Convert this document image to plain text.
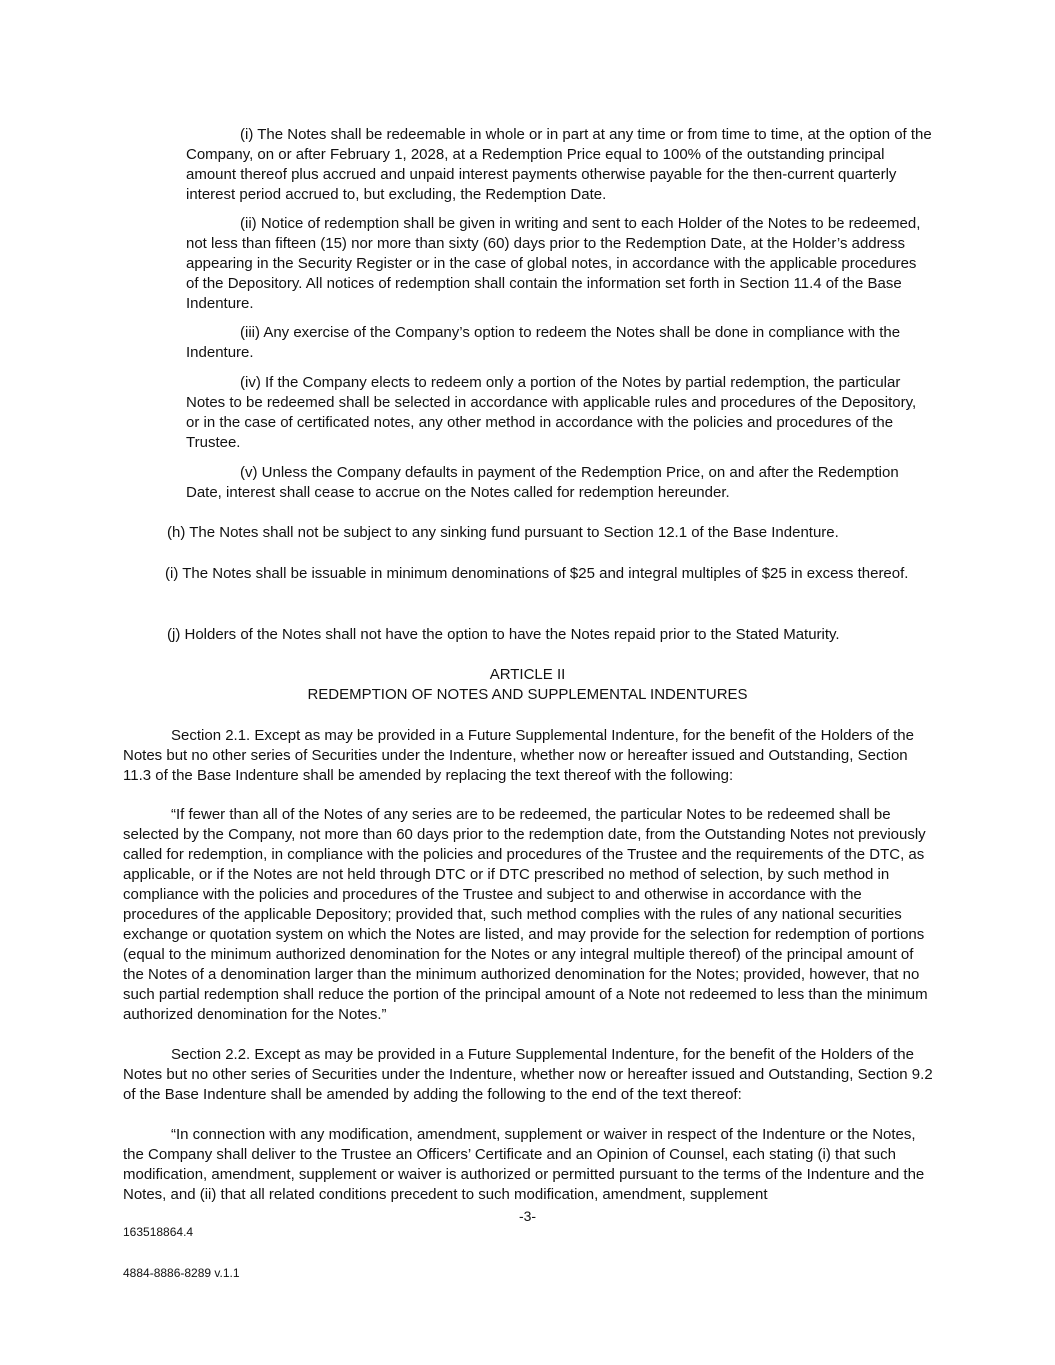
(i) The Notes shall be redeemable in whole or in part at any time or from time to time, at the option of the Company, on or after February 1, 2028, at a Redemption Price equal to 100% of the outstanding principal amount thereof plus accrued and unpaid interest payments otherwise payable for the then-current quarterly interest period accrued to, but excluding, the Redemption Date.

(ii) Notice of redemption shall be given in writing and sent to each Holder of the Notes to be redeemed, not less than fifteen (15) nor more than sixty (60) days prior to the Redemption Date, at the Holder’s address appearing in the Security Register or in the case of global notes, in accordance with the applicable procedures of the Depository. All notices of redemption shall contain the information set forth in Section 11.4 of the Base Indenture.

(iii) Any exercise of the Company’s option to redeem the Notes shall be done in compliance with the Indenture.

(iv) If the Company elects to redeem only a portion of the Notes by partial redemption, the particular Notes to be redeemed shall be selected in accordance with applicable rules and procedures of the Depository, or in the case of certificated notes, any other method in accordance with the policies and procedures of the Trustee.

(v) Unless the Company defaults in payment of the Redemption Price, on and after the Redemption Date, interest shall cease to accrue on the Notes called for redemption hereunder.

(h) The Notes shall not be subject to any sinking fund pursuant to Section 12.1 of the Base Indenture.

(i) The Notes shall be issuable in minimum denominations of $25 and integral multiples of $25 in excess thereof.

(j) Holders of the Notes shall not have the option to have the Notes repaid prior to the Stated Maturity.

ARTICLE II

REDEMPTION OF NOTES AND SUPPLEMENTAL INDENTURES

Section 2.1. Except as may be provided in a Future Supplemental Indenture, for the benefit of the Holders of the Notes but no other series of Securities under the Indenture, whether now or hereafter issued and Outstanding, Section 11.3 of the Base Indenture shall be amended by replacing the text thereof with the following:

“If fewer than all of the Notes of any series are to be redeemed, the particular Notes to be redeemed shall be selected by the Company, not more than 60 days prior to the redemption date, from the Outstanding Notes not previously called for redemption, in compliance with the policies and procedures of the Trustee and the requirements of the DTC, as applicable, or if the Notes are not held through DTC or if DTC prescribed no method of selection, by such method in compliance with the policies and procedures of the Trustee and subject to and otherwise in accordance with the procedures of the applicable Depository; provided that, such method complies with the rules of any national securities exchange or quotation system on which the Notes are listed, and may provide for the selection for redemption of portions (equal to the minimum authorized denomination for the Notes or any integral multiple thereof) of the principal amount of the Notes of a denomination larger than the minimum authorized denomination for the Notes; provided, however, that no such partial redemption shall reduce the portion of the principal amount of a Note not redeemed to less than the minimum authorized denomination for the Notes.”

Section 2.2. Except as may be provided in a Future Supplemental Indenture, for the benefit of the Holders of the Notes but no other series of Securities under the Indenture, whether now or hereafter issued and Outstanding, Section 9.2 of the Base Indenture shall be amended by adding the following to the end of the text thereof:

“In connection with any modification, amendment, supplement or waiver in respect of the Indenture or the Notes, the Company shall deliver to the Trustee an Officers’ Certificate and an Opinion of Counsel, each stating (i) that such modification, amendment, supplement or waiver is authorized or permitted pursuant to the terms of the Indenture and the Notes, and (ii) that all related conditions precedent to such modification, amendment, supplement

-3-
163518864.4
4884-8886-8289 v.1.1
